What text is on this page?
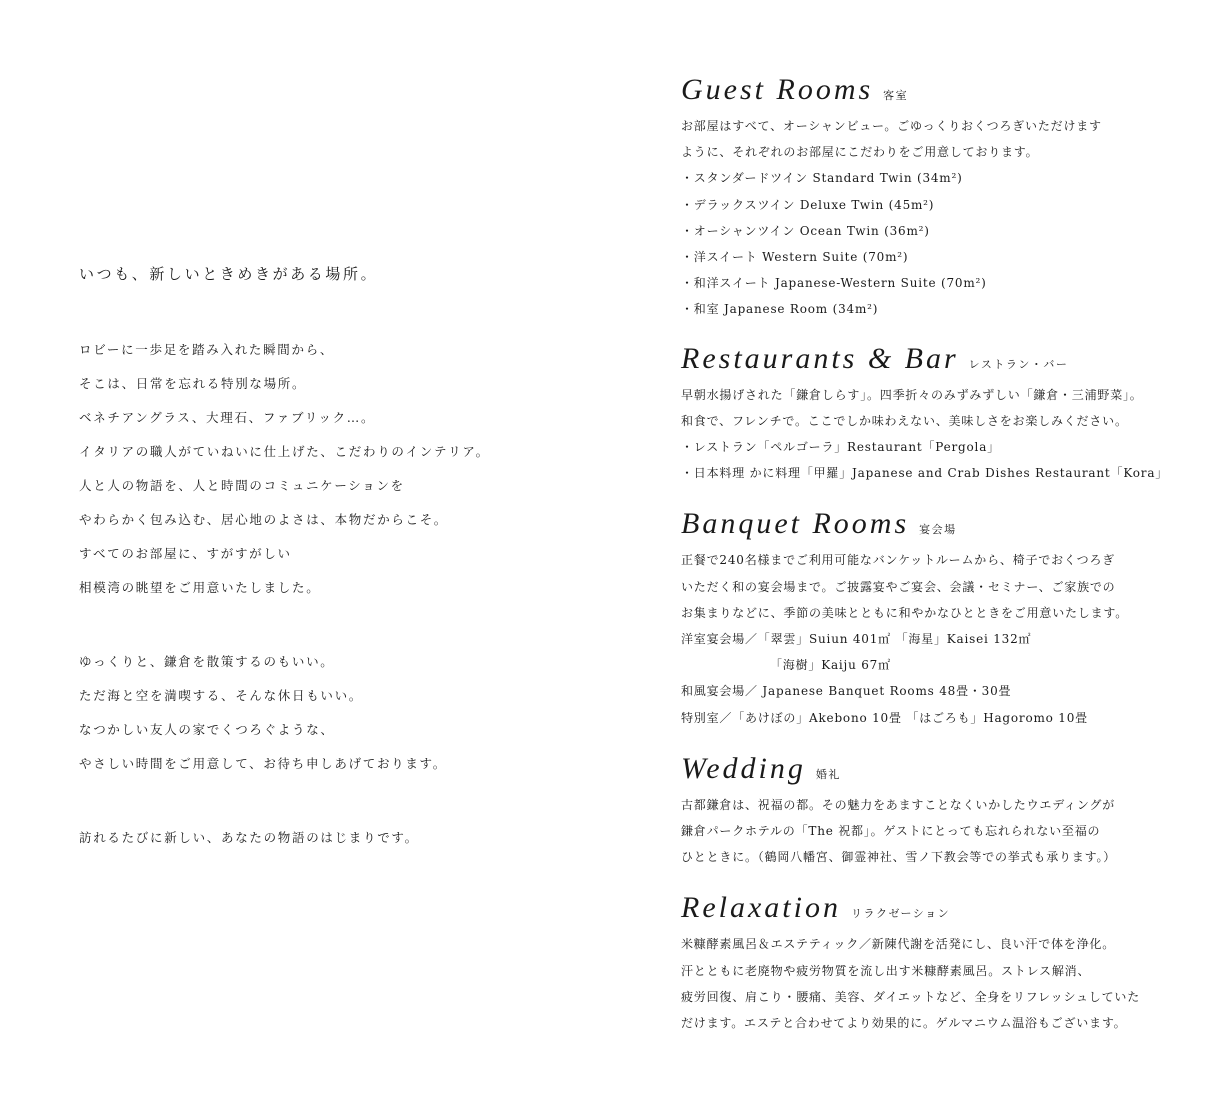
いつも、新しいときめきがある場所。
ロビーに一歩足を踏み入れた瞬間から、
そこは、日常を忘れる特別な場所。
ベネチアングラス、大理石、ファブリック…。
イタリアの職人がていねいに仕上げた、こだわりのインテリア。
人と人の物語を、人と時間のコミュニケーションを
やわらかく包み込む、居心地のよさは、本物だからこそ。
すべてのお部屋に、すがすがしい
相模湾の眺望をご用意いたしました。
ゆっくりと、鎌倉を散策するのもいい。
ただ海と空を満喫する、そんな休日もいい。
なつかしい友人の家でくつろぐような、
やさしい時間をご用意して、お待ち申しあげております。
訪れるたびに新しい、あなたの物語のはじまりです。
Guest Rooms 客室
お部屋はすべて、オーシャンビュー。ごゆっくりおくつろぎいただけます
ように、それぞれのお部屋にこだわりをご用意しております。
・スタンダードツイン Standard Twin (34m²)
・デラックスツイン Deluxe Twin (45m²)
・オーシャンツイン Ocean Twin (36m²)
・洋スイート Western Suite (70m²)
・和洋スイート Japanese-Western Suite (70m²)
・和室 Japanese Room (34m²)
Restaurants & Bar レストラン・バー
早朝水揚げされた「鎌倉しらす」。四季折々のみずみずしい「鎌倉・三浦野菜」。
和食で、フレンチで。ここでしか味わえない、美味しさをお楽しみください。
・レストラン「ペルゴーラ」Restaurant「Pergola」
・日本料理 かに料理「甲羅」Japanese and Crab Dishes Restaurant「Kora」
Banquet Rooms 宴会場
正餐で240名様までご利用可能なバンケットルームから、椅子でおくつろぎ
いただく和の宴会場まで。ご披露宴やご宴会、会議・セミナー、ご家族での
お集まりなどに、季節の美味とともに和やかなひとときをご用意いたします。
洋室宴会場／「翠雲」Suiun 401㎡ 「海星」Kaisei 132㎡
「海樹」Kaiju 67㎡
和風宴会場／ Japanese Banquet Rooms 48畳・30畳
特別室／「あけぼの」Akebono 10畳 「はごろも」Hagoromo 10畳
Wedding 婚礼
古都鎌倉は、祝福の都。その魅力をあますことなくいかしたウエディングが
鎌倉パークホテルの「The 祝都」。ゲストにとっても忘れられない至福の
ひとときに。（鶴岡八幡宮、御霊神社、雪ノ下教会等での挙式も承ります。）
Relaxation リラクゼーション
米糠酵素風呂＆エステティック／新陳代謝を活発にし、良い汗で体を浄化。
汗とともに老廃物や疲労物質を流し出す米糠酵素風呂。ストレス解消、
疲労回復、肩こり・腰痛、美容、ダイエットなど、全身をリフレッシュしていた
だけます。エステと合わせてより効果的に。ゲルマニウム温浴もございます。
